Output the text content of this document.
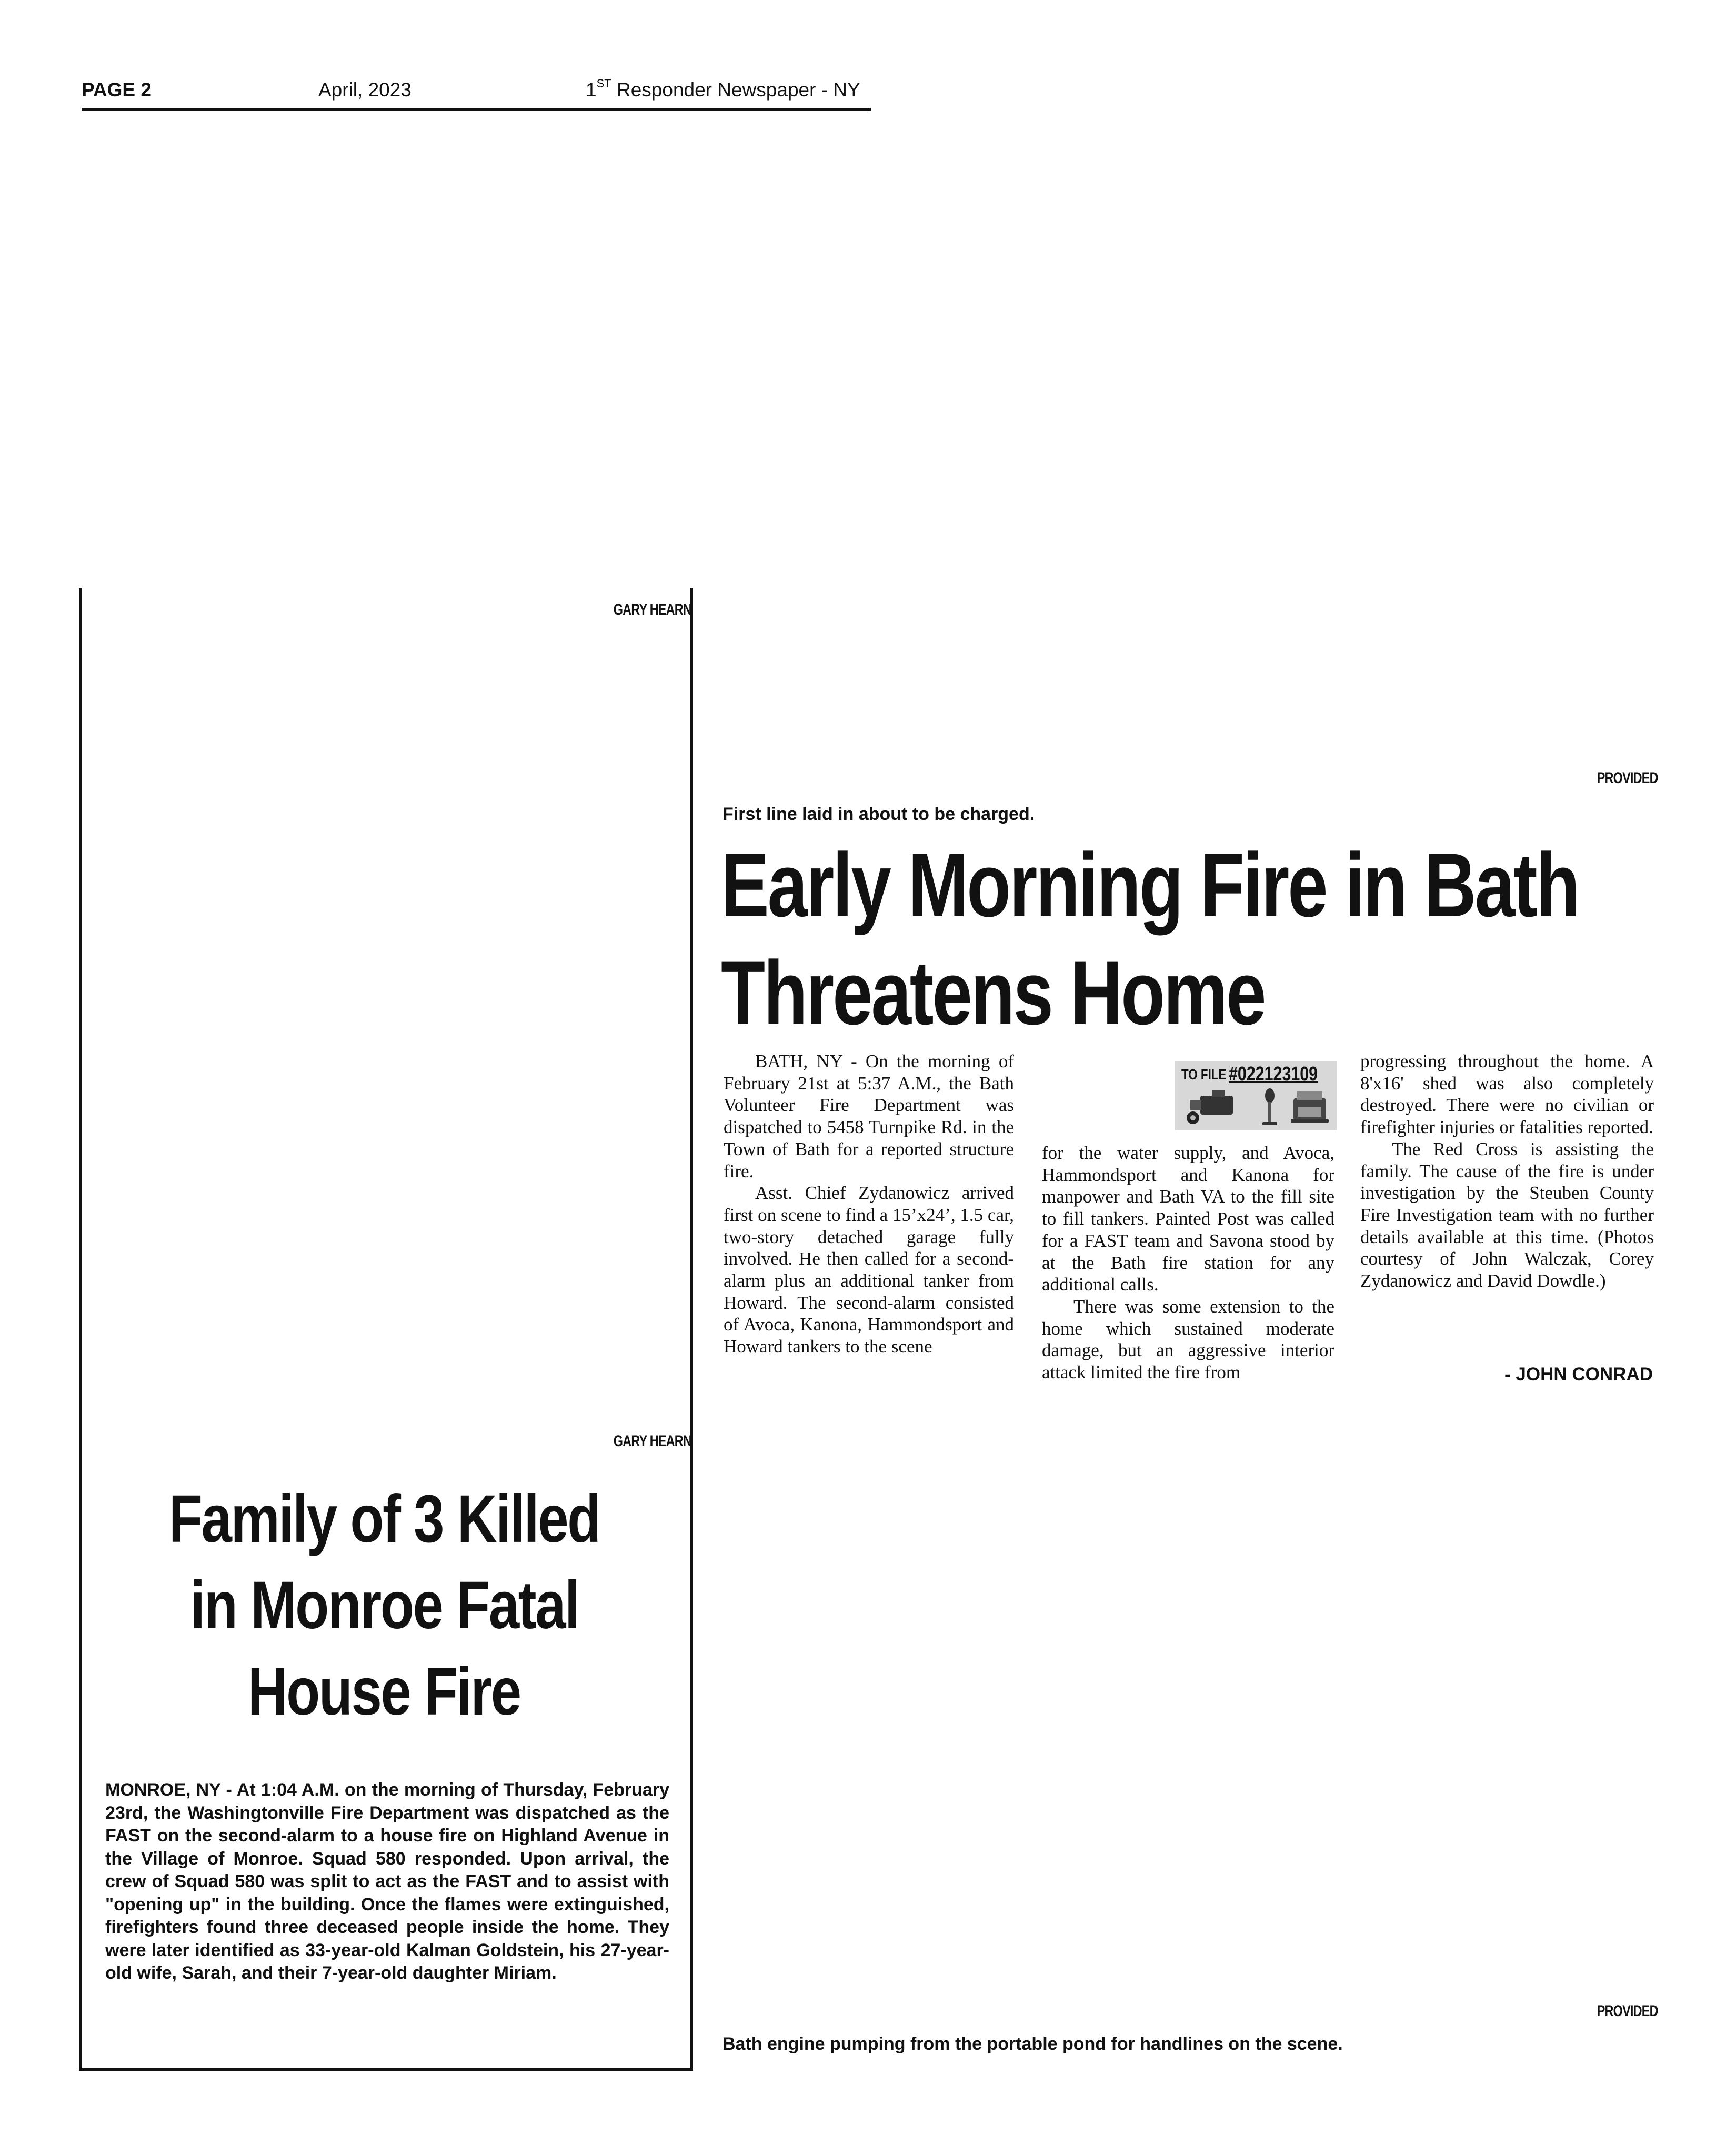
PAGE 2	April, 2023	1ST Responder Newspaper - NY
GARY HEARN
GARY HEARN
Family of 3 Killed
in Monroe Fatal
House Fire
MONROE, NY - At 1:04 A.M. on the morning of Thursday, February 23rd, the Washingtonville Fire Department was dispatched as the FAST on the second-alarm to a house fire on Highland Avenue in the Village of Monroe. Squad 580 responded. Upon arrival, the crew of Squad 580 was split to act as the FAST and to assist with "opening up" in the building. Once the flames were extinguished, firefighters found three deceased people inside the home. They were later identified as 33-year-old Kalman Goldstein, his 27-year-old wife, Sarah, and their 7-year-old daughter Miriam.
PROVIDED
First line laid in about to be charged.
Early Morning Fire in Bath
Threatens Home

BATH, NY - On the morning of February 21st at 5:37 A.M., the Bath Volunteer Fire Department was dispatched to 5458 Turnpike Rd. in the Town of Bath for a reported structure fire.

Asst. Chief Zydanowicz arrived first on scene to find a 15’x24’, 1.5 car, two-story detached garage fully involved. He then called for a second-alarm plus an additional tanker from Howard. The second-alarm consisted of Avoca, Kanona, Hammondsport and Howard tankers to the scene

TO FILE #022123109

for the water supply, and Avoca, Hammondsport and Kanona for manpower and Bath VA to the fill site to fill tankers. Painted Post was called for a FAST team and Savona stood by at the Bath fire station for any additional calls.

There was some extension to the home which sustained moderate damage, but an aggressive interior attack limited the fire from

progressing throughout the home. A 8'x16' shed was also completely destroyed. There were no civilian or firefighter injuries or fatalities reported.

The Red Cross is assisting the family. The cause of the fire is under investigation by the Steuben County Fire Investigation team with no further details available at this time. (Photos courtesy of John Walczak, Corey Zydanowicz and David Dowdle.)

- JOHN CONRAD
PROVIDED
Bath engine pumping from the portable pond for handlines on the scene.
